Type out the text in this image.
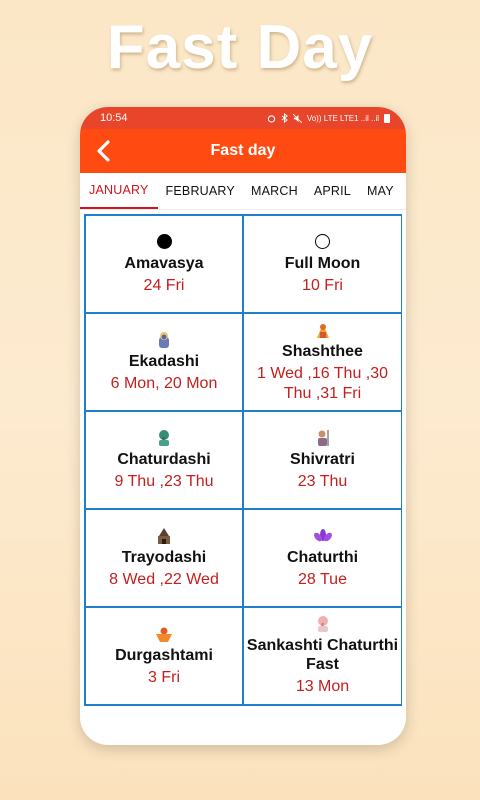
Fast Day
10:54	Vo)) LTE LTE1 ..il ..il
Fast day
JANUARY	FEBRUARY	MARCH	APRIL	MAY
Amavasya
24 Fri
Full Moon
10 Fri
Ekadashi
6 Mon, 20 Mon
Shashthee
1 Wed ,16 Thu ,30 Thu ,31 Fri
Chaturdashi
9 Thu ,23 Thu
Shivratri
23 Thu
Trayodashi
8 Wed ,22 Wed
Chaturthi
28 Tue
Durgashtami
3 Fri
Sankashti Chaturthi Fast
13 Mon
